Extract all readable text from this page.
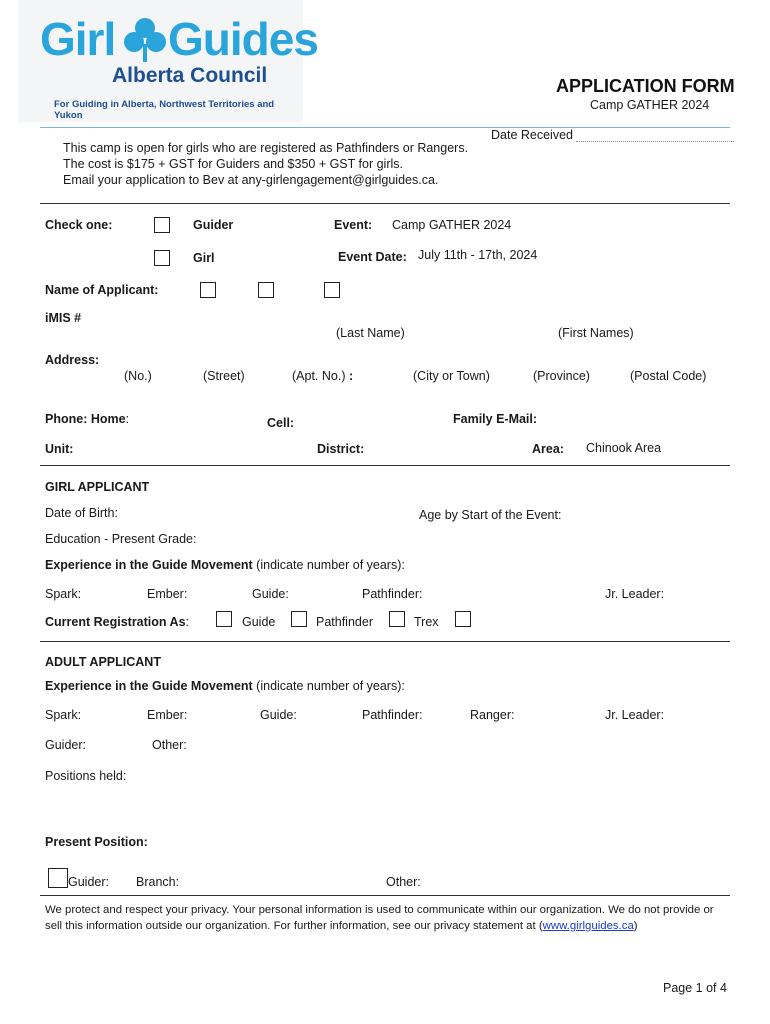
Girl Guides
Alberta Council
For Guiding in Alberta, Northwest Territories and Yukon
APPLICATION FORM
Camp GATHER 2024
Date Received
This camp is open for girls who are registered as Pathfinders or Rangers.
The cost is $175 + GST for Guiders and $350 + GST for girls.
Email your application to Bev at any-girlengagement@girlguides.ca.
Check one:	Guider	Event: Camp GATHER 2024
Girl	Event Date: July 11th - 17th, 2024
Name of Applicant:
iMIS #
(Last Name)	(First Names)
Address:
(No.)	(Street)	(Apt. No.) :	(City or Town)	(Province)	(Postal Code)
Phone: Home:	Cell:	Family E-Mail:
Unit:	District:	Area: Chinook Area
GIRL APPLICANT
Date of Birth:	Age by Start of the Event:
Education - Present Grade:
Experience in the Guide Movement (indicate number of years):
Spark:	Ember:	Guide:	Pathfinder:	Jr. Leader:
Current Registration As:	Guide	Pathfinder	Trex
ADULT APPLICANT
Experience in the Guide Movement (indicate number of years):
Spark:	Ember:	Guide:	Pathfinder:	Ranger:	Jr. Leader:
Guider:	Other:
Positions held:
Present Position:
Guider: Branch:	Other:
We protect and respect your privacy. Your personal information is used to communicate within our organization. We do not provide or
sell this information outside our organization. For further information, see our privacy statement at (www.girlguides.ca)
Page 1 of 4
